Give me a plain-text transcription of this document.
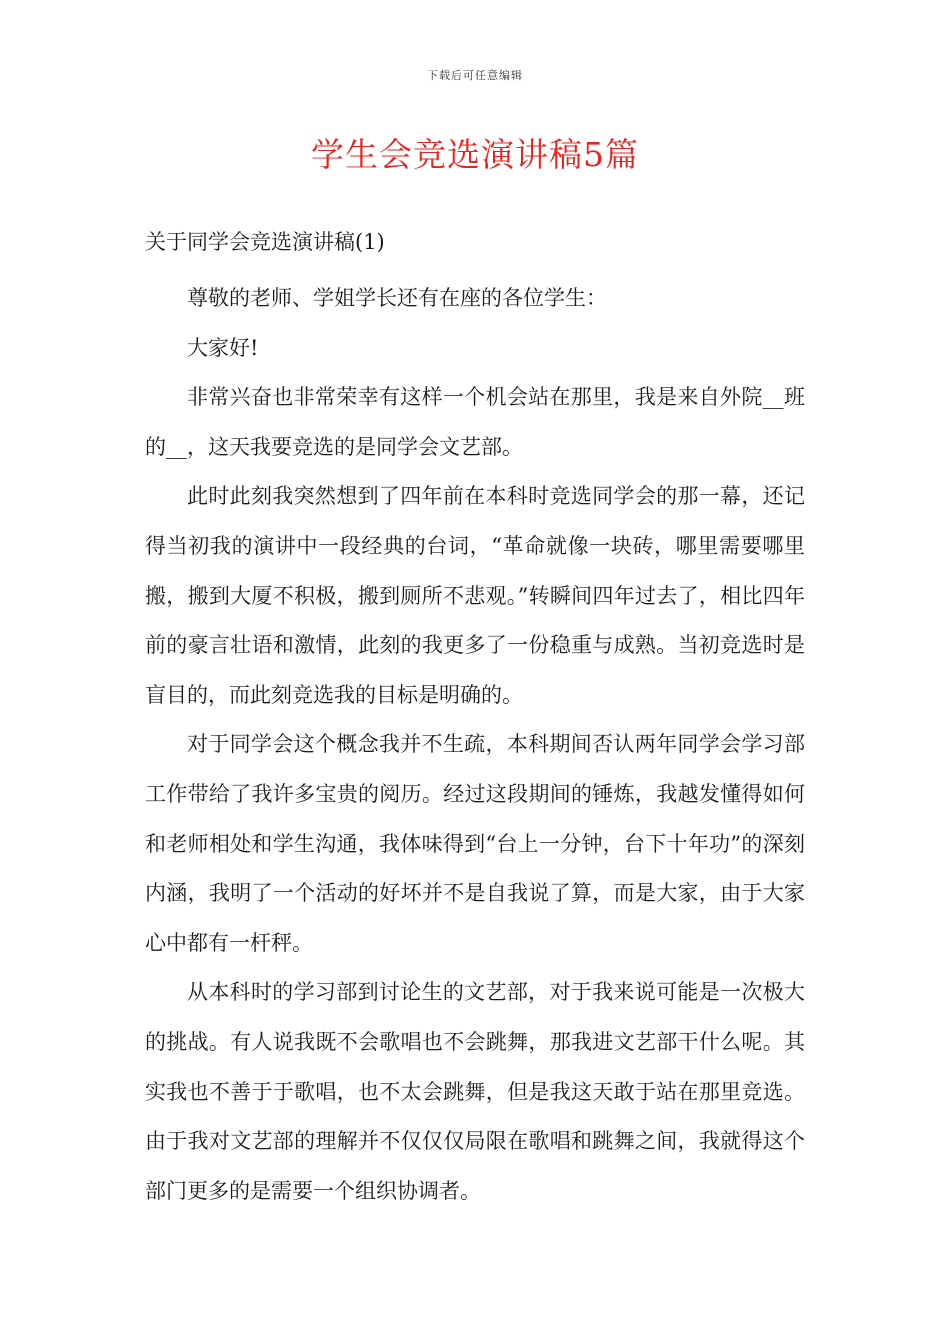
下载后可任意编辑
学生会竞选演讲稿5篇

关于同学会竞选演讲稿(1)

尊敬的老师、学姐学长还有在座的各位学生：

大家好!

非常兴奋也非常荣幸有这样一个机会站在那里，我是来自外院__班的__，这天我要竞选的是同学会文艺部。

此时此刻我突然想到了四年前在本科时竞选同学会的那一幕，还记得当初我的演讲中一段经典的台词，“革命就像一块砖，哪里需要哪里搬，搬到大厦不积极，搬到厕所不悲观。”转瞬间四年过去了，相比四年前的豪言壮语和激情，此刻的我更多了一份稳重与成熟。当初竞选时是盲目的，而此刻竞选我的目标是明确的。

对于同学会这个概念我并不生疏，本科期间否认两年同学会学习部工作带给了我许多宝贵的阅历。经过这段期间的锤炼，我越发懂得如何和老师相处和学生沟通，我体味得到“台上一分钟，台下十年功”的深刻内涵，我明了一个活动的好坏并不是自我说了算，而是大家，由于大家心中都有一杆秤。

从本科时的学习部到讨论生的文艺部，对于我来说可能是一次极大的挑战。有人说我既不会歌唱也不会跳舞，那我进文艺部干什么呢。其实我也不善于于歌唱，也不太会跳舞，但是我这天敢于站在那里竞选。由于我对文艺部的理解并不仅仅仅局限在歌唱和跳舞之间，我就得这个部门更多的是需要一个组织协调者。
